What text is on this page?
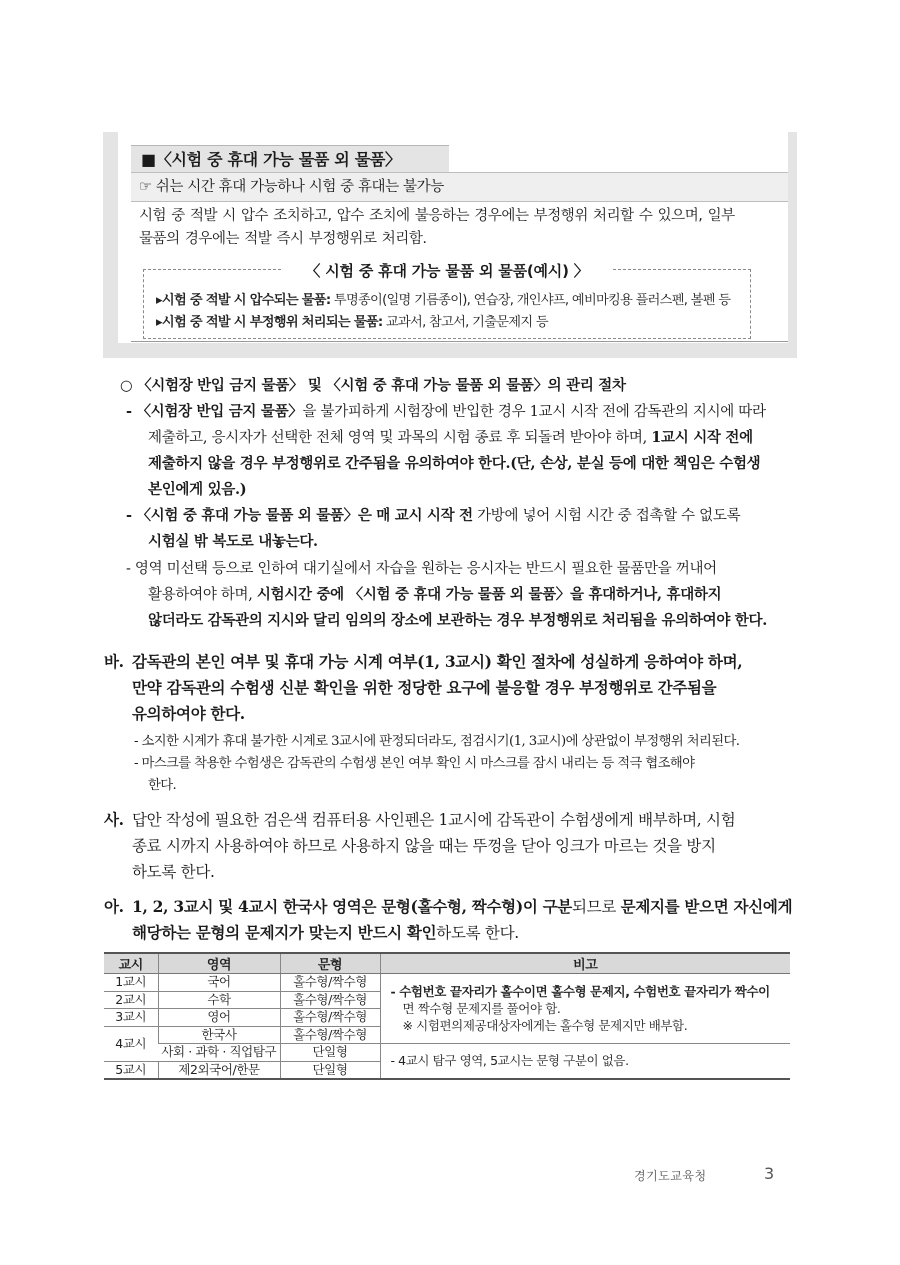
■〈시험 중 휴대 가능 물품 외 물품〉
☞ 쉬는 시간 휴대 가능하나 시험 중 휴대는 불가능
시험 중 적발 시 압수 조치하고, 압수 조치에 불응하는 경우에는 부정행위 처리할 수 있으며, 일부
물품의 경우에는 적발 즉시 부정행위로 처리함.
〈 시험 중 휴대 가능 물품 외 물품(예시) 〉
▸시험 중 적발 시 압수되는 물품: 투명종이(일명 기름종이), 연습장, 개인샤프, 예비마킹용 플러스펜, 볼펜 등
▸시험 중 적발 시 부정행위 처리되는 물품: 교과서, 참고서, 기출문제지 등
○ 〈시험장 반입 금지 물품〉 및 〈시험 중 휴대 가능 물품 외 물품〉의 관리 절차
- 〈시험장 반입 금지 물품〉을 불가피하게 시험장에 반입한 경우 1교시 시작 전에 감독관의 지시에 따라
제출하고, 응시자가 선택한 전체 영역 및 과목의 시험 종료 후 되돌려 받아야 하며, 1교시 시작 전에
제출하지 않을 경우 부정행위로 간주됨을 유의하여야 한다.(단, 손상, 분실 등에 대한 책임은 수험생
본인에게 있음.)
- 〈시험 중 휴대 가능 물품 외 물품〉은 매 교시 시작 전 가방에 넣어 시험 시간 중 접촉할 수 없도록
시험실 밖 복도로 내놓는다.
- 영역 미선택 등으로 인하여 대기실에서 자습을 원하는 응시자는 반드시 필요한 물품만을 꺼내어
활용하여야 하며, 시험시간 중에 〈시험 중 휴대 가능 물품 외 물품〉을 휴대하거나, 휴대하지
않더라도 감독관의 지시와 달리 임의의 장소에 보관하는 경우 부정행위로 처리됨을 유의하여야 한다.
바. 감독관의 본인 여부 및 휴대 가능 시계 여부(1, 3교시) 확인 절차에 성실하게 응하여야 하며,
만약 감독관의 수험생 신분 확인을 위한 정당한 요구에 불응할 경우 부정행위로 간주됨을
유의하여야 한다.
- 소지한 시계가 휴대 불가한 시계로 3교시에 판정되더라도, 점검시기(1, 3교시)에 상관없이 부정행위 처리된다.
- 마스크를 착용한 수험생은 감독관의 수험생 본인 여부 확인 시 마스크를 잠시 내리는 등 적극 협조해야
한다.
사. 답안 작성에 필요한 검은색 컴퓨터용 사인펜은 1교시에 감독관이 수험생에게 배부하며, 시험
종료 시까지 사용하여야 하므로 사용하지 않을 때는 뚜껑을 닫아 잉크가 마르는 것을 방지
하도록 한다.
아. 1, 2, 3교시 및 4교시 한국사 영역은 문형(홀수형, 짝수형)이 구분되므로 문제지를 받으면 자신에게
해당하는 문형의 문제지가 맞는지 반드시 확인하도록 한다.
교시	영역	문형	비고
1교시	국어	홀수형/짝수형	- 수험번호 끝자리가 홀수이면 홀수형 문제지, 수험번호 끝자리가 짝수이
면 짝수형 문제지를 풀어야 함.
※ 시험편의제공대상자에게는 홀수형 문제지만 배부함.

2교시	수학	홀수형/짝수형	
3교시	영어	홀수형/짝수형	
4교시	한국사	홀수형/짝수형	
	사회 · 과학 · 직업탐구	단일형	- 4교시 탐구 영역, 5교시는 문형 구분이 없음.
5교시	제2외국어/한문	단일형	
경기도교육청	3
